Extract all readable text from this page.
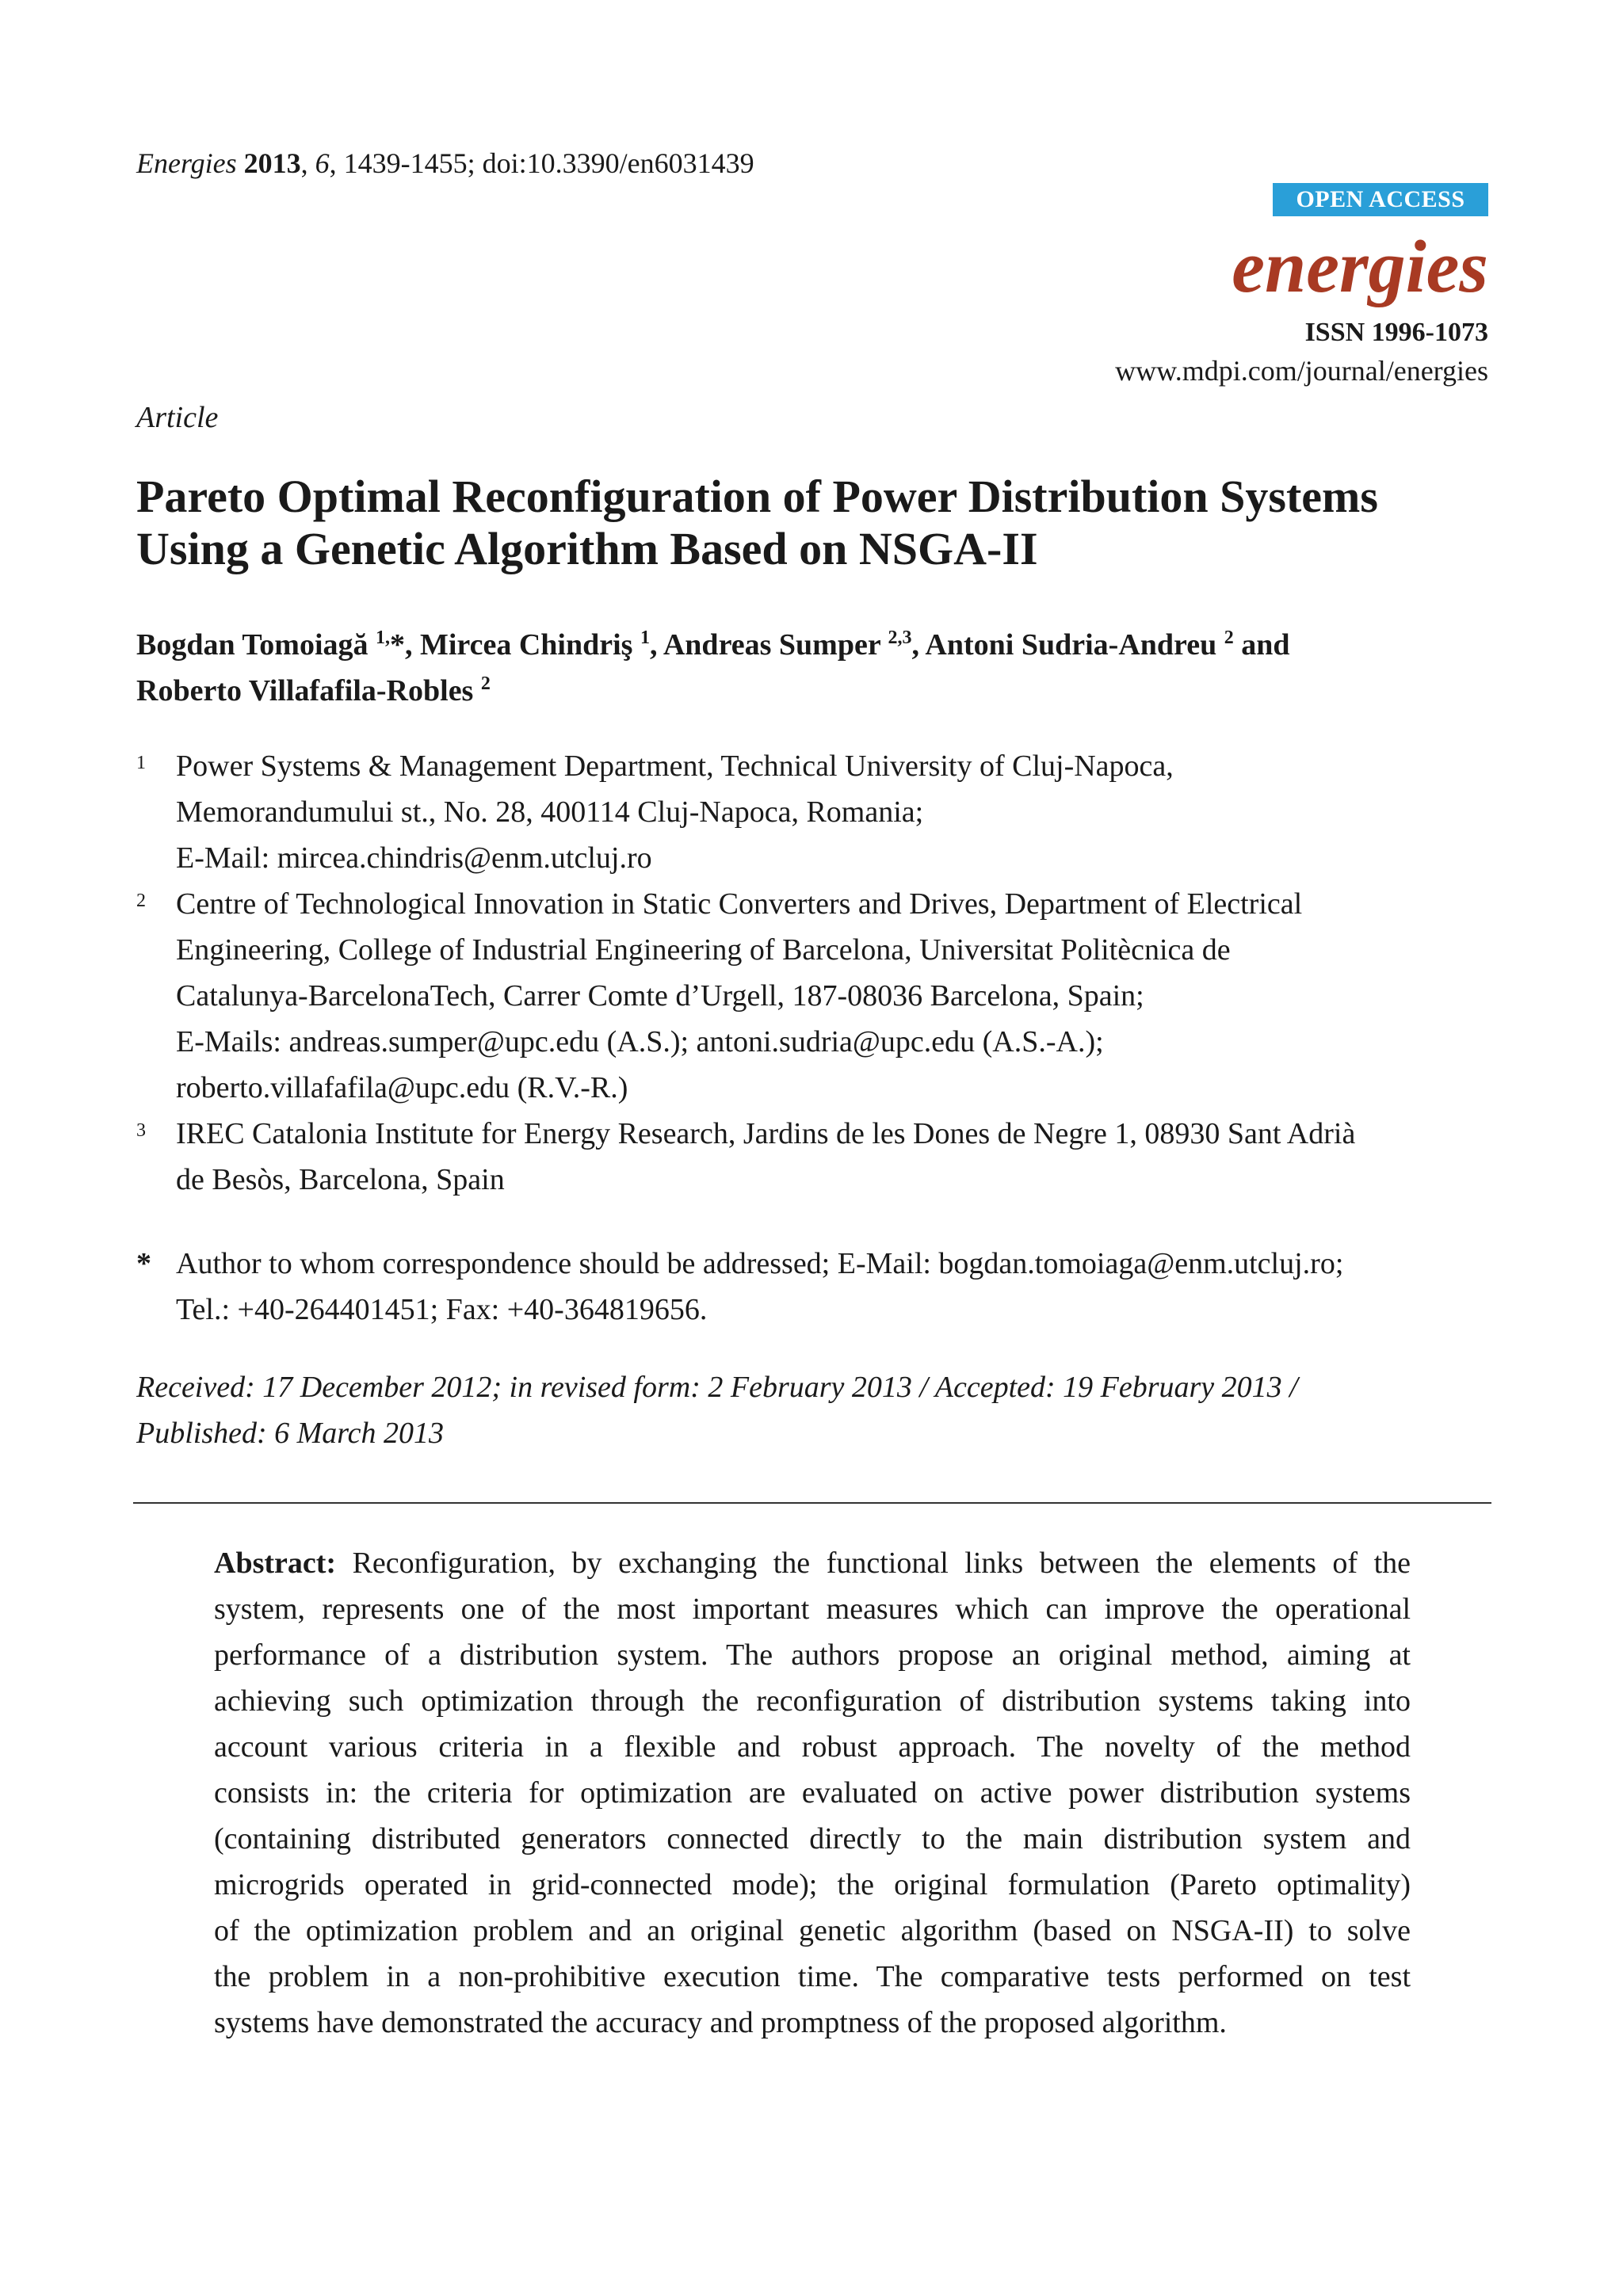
Energies 2013, 6, 1439-1455; doi:10.3390/en6031439
OPEN ACCESS
energies
ISSN 1996-1073
www.mdpi.com/journal/energies
Article
Pareto Optimal Reconfiguration of Power Distribution Systems
Using a Genetic Algorithm Based on NSGA-II
Bogdan Tomoiagă $^{1,}$*, Mircea Chindriş $^1$, Andreas Sumper $^{2,3}$, Antoni Sudria-Andreu $^2$ and
Roberto Villafafila-Robles $^2$
1 Power Systems & Management Department, Technical University of Cluj-Napoca,
Memorandumului st., No. 28, 400114 Cluj-Napoca, Romania;
E-Mail: mircea.chindris@enm.utcluj.ro
2 Centre of Technological Innovation in Static Converters and Drives, Department of Electrical
Engineering, College of Industrial Engineering of Barcelona, Universitat Politècnica de
Catalunya-BarcelonaTech, Carrer Comte d’Urgell, 187-08036 Barcelona, Spain;
E-Mails: andreas.sumper@upc.edu (A.S.); antoni.sudria@upc.edu (A.S.-A.);
roberto.villafafila@upc.edu (R.V.-R.)
3 IREC Catalonia Institute for Energy Research, Jardins de les Dones de Negre 1, 08930 Sant Adrià
de Besòs, Barcelona, Spain
* Author to whom correspondence should be addressed; E-Mail: bogdan.tomoiaga@enm.utcluj.ro;
Tel.: +40-264401451; Fax: +40-364819656.
Received: 17 December 2012; in revised form: 2 February 2013 / Accepted: 19 February 2013 /
Published: 6 March 2013
Abstract: Reconfiguration, by exchanging the functional links between the elements of the
system, represents one of the most important measures which can improve the operational
performance of a distribution system. The authors propose an original method, aiming at
achieving such optimization through the reconfiguration of distribution systems taking into
account various criteria in a flexible and robust approach. The novelty of the method
consists in: the criteria for optimization are evaluated on active power distribution systems
(containing distributed generators connected directly to the main distribution system and
microgrids operated in grid-connected mode); the original formulation (Pareto optimality)
of the optimization problem and an original genetic algorithm (based on NSGA-II) to solve
the problem in a non-prohibitive execution time. The comparative tests performed on test
systems have demonstrated the accuracy and promptness of the proposed algorithm.
